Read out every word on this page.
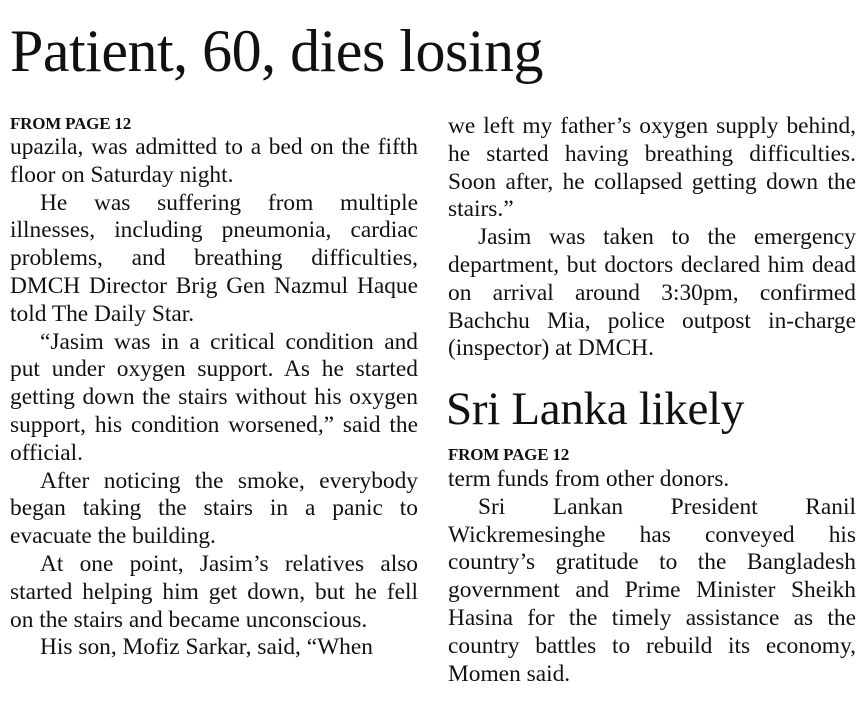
Patient, 60, dies losing
FROM PAGE 12

upazila, was admitted to a bed on the fifth floor on Saturday night.

He was suffering from multiple illnesses, including pneumonia, cardiac problems, and breathing difficulties, DMCH Director Brig Gen Nazmul Haque told The Daily Star.

“Jasim was in a critical condition and put under oxygen support. As he started getting down the stairs without his oxygen support, his condition worsened,” said the official.

After noticing the smoke, everybody began taking the stairs in a panic to evacuate the building.

At one point, Jasim’s relatives also started helping him get down, but he fell on the stairs and became unconscious.

His son, Mofiz Sarkar, said, “When

we left my father’s oxygen supply behind, he started having breathing difficulties. Soon after, he collapsed getting down the stairs.”

Jasim was taken to the emergency department, but doctors declared him dead on arrival around 3:30pm, confirmed Bachchu Mia, police outpost in-charge (inspector) at DMCH.

Sri Lanka likely
FROM PAGE 12

term funds from other donors.

Sri Lankan President Ranil Wickremesinghe has conveyed his country’s gratitude to the Bangladesh government and Prime Minister Sheikh Hasina for the timely assistance as the country battles to rebuild its economy, Momen said.
